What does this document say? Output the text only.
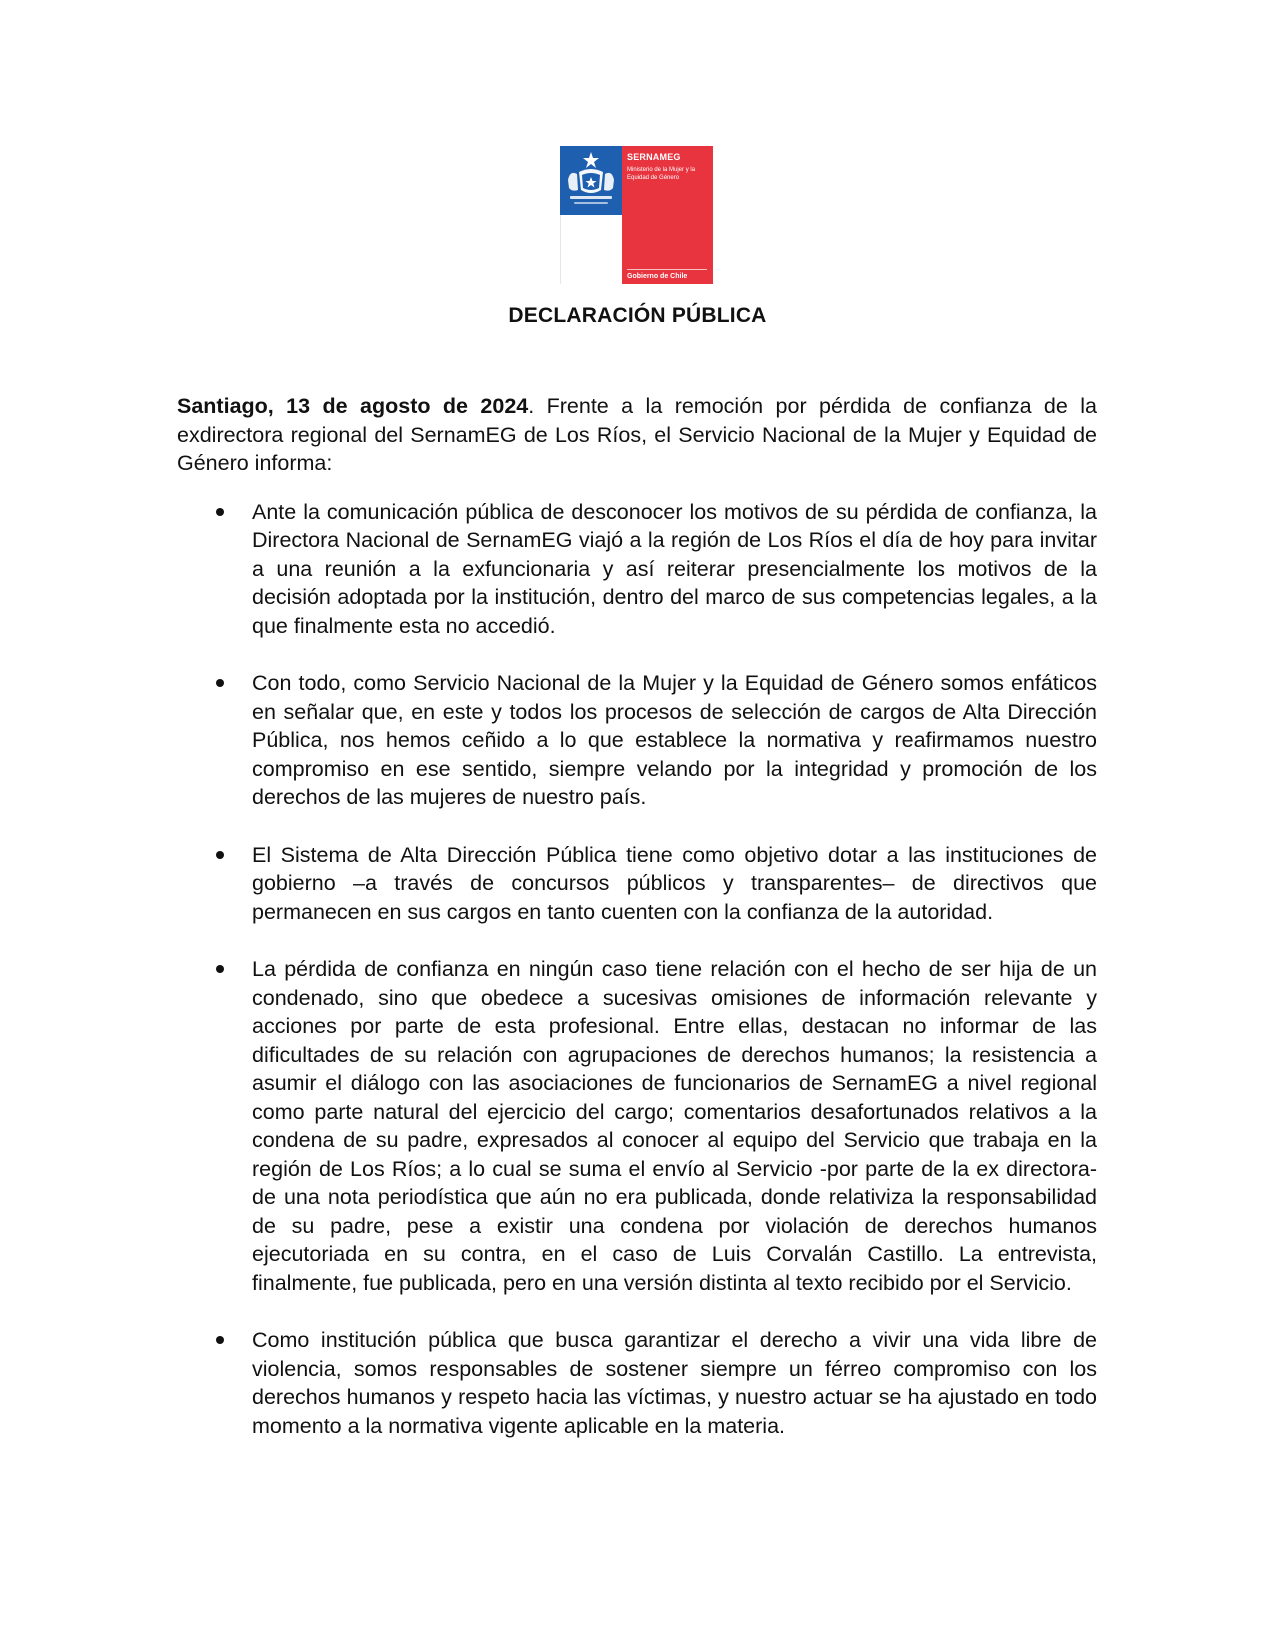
SERNAMEG
Ministerio de la Mujer y la Equidad de Género
Gobierno de Chile
DECLARACIÓN PÚBLICA

Santiago, 13 de agosto de 2024. Frente a la remoción por pérdida de confianza de la exdirectora regional del SernamEG de Los Ríos, el Servicio Nacional de la Mujer y Equidad de Género informa:

Ante la comunicación pública de desconocer los motivos de su pérdida de confianza, la Directora Nacional de SernamEG viajó a la región de Los Ríos el día de hoy para invitar a una reunión a la exfuncionaria y así reiterar presencialmente los motivos de la decisión adoptada por la institución, dentro del marco de sus competencias legales, a la que finalmente esta no accedió.
Con todo, como Servicio Nacional de la Mujer y la Equidad de Género somos enfáticos en señalar que, en este y todos los procesos de selección de cargos de Alta Dirección Pública, nos hemos ceñido a lo que establece la normativa y reafirmamos nuestro compromiso en ese sentido, siempre velando por la integridad y promoción de los derechos de las mujeres de nuestro país.
El Sistema de Alta Dirección Pública tiene como objetivo dotar a las instituciones de gobierno –a través de concursos públicos y transparentes– de directivos que permanecen en sus cargos en tanto cuenten con la confianza de la autoridad.
La pérdida de confianza en ningún caso tiene relación con el hecho de ser hija de un condenado, sino que obedece a sucesivas omisiones de información relevante y acciones por parte de esta profesional. Entre ellas, destacan no informar de las dificultades de su relación con agrupaciones de derechos humanos; la resistencia a asumir el diálogo con las asociaciones de funcionarios de SernamEG a nivel regional como parte natural del ejercicio del cargo; comentarios desafortunados relativos a la condena de su padre, expresados al conocer al equipo del Servicio que trabaja en la región de Los Ríos; a lo cual se suma el envío al Servicio -por parte de la ex directora- de una nota periodística que aún no era publicada, donde relativiza la responsabilidad de su padre, pese a existir una condena por violación de derechos humanos ejecutoriada en su contra, en el caso de Luis Corvalán Castillo. La entrevista, finalmente, fue publicada, pero en una versión distinta al texto recibido por el Servicio.
Como institución pública que busca garantizar el derecho a vivir una vida libre de violencia, somos responsables de sostener siempre un férreo compromiso con los derechos humanos y respeto hacia las víctimas, y nuestro actuar se ha ajustado en todo momento a la normativa vigente aplicable en la materia.
